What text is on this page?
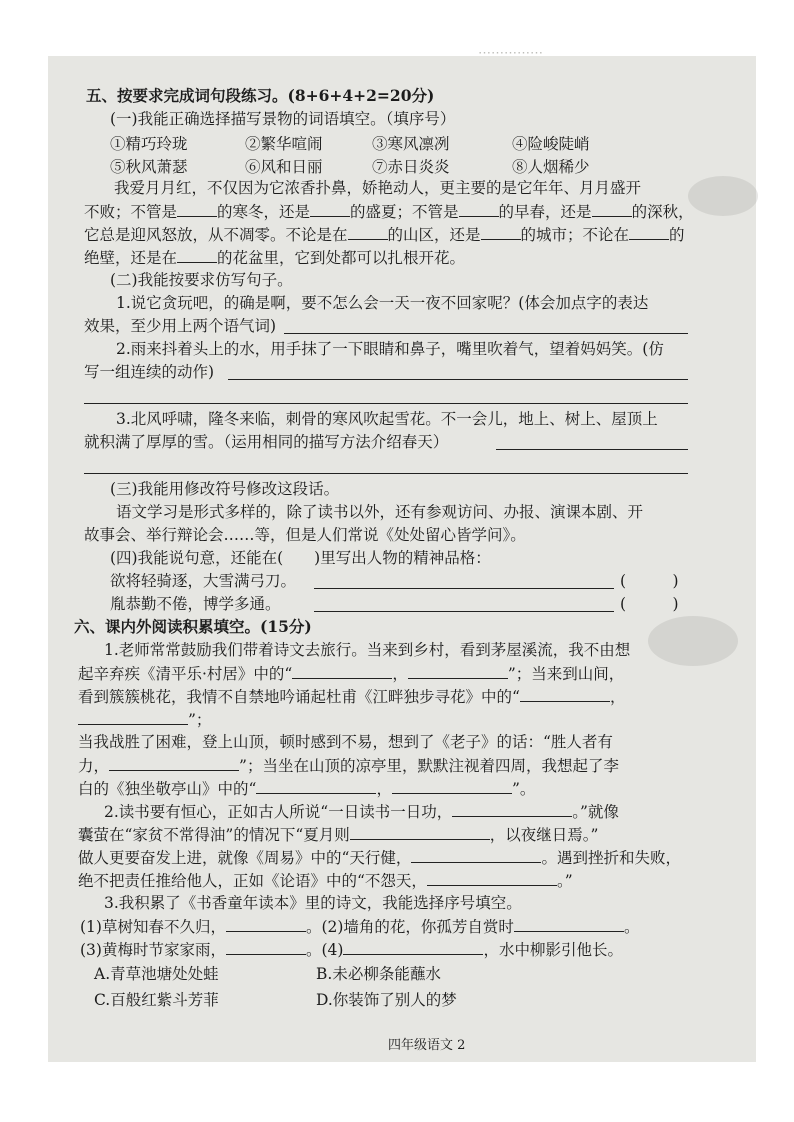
⋯⋯⋯⋯⋯
五、按要求完成词句段练习。(8+6+4+2=20分)
(一)我能正确选择描写景物的词语填空。（填序号）
①精巧玲珑	②繁华喧闹	③寒风凛冽	④险峻陡峭
⑤秋风萧瑟	⑥风和日丽	⑦赤日炎炎	⑧人烟稀少
我爱月月红，不仅因为它浓香扑鼻，娇艳动人，更主要的是它年年、月月盛开
不败；不管是	的寒冬，还是	的盛夏；不管是	的早春，还是	的深秋，
它总是迎风怒放，从不凋零。不论是在	的山区，还是	的城市；不论在	的
绝壁，还是在	的花盆里，它到处都可以扎根开花。
(二)我能按要求仿写句子。
1.说它贪玩吧，的确是啊，要不怎么会一天一夜不回家呢？(体会加点字的表达
效果，至少用上两个语气词)
2.雨来抖着头上的水，用手抹了一下眼睛和鼻子，嘴里吹着气，望着妈妈笑。(仿
写一组连续的动作)
3.北风呼啸，隆冬来临，刺骨的寒风吹起雪花。不一会儿，地上、树上、屋顶上
就积满了厚厚的雪。（运用相同的描写方法介绍春天）
(三)我能用修改符号修改这段话。
语文学习是形式多样的，除了读书以外，还有参观访问、办报、演课本剧、开
故事会、举行辩论会……等，但是人们常说《处处留心皆学问》。
(四)我能说句意，还能在(　　)里写出人物的精神品格：
欲将轻骑逐，大雪满弓刀。	(　　　)
胤恭勤不倦，博学多通。	(　　　)
六、课内外阅读积累填空。(15分)
1.老师常常鼓励我们带着诗文去旅行。当来到乡村，看到茅屋溪流，我不由想
起辛弃疾《清平乐·村居》中的“	，	”；当来到山间，
看到簇簇桃花，我情不自禁地吟诵起杜甫《江畔独步寻花》中的“	，
”；
当我战胜了困难，登上山顶，顿时感到不易，想到了《老子》的话：“胜人者有
力，	”；当坐在山顶的凉亭里，默默注视着四周，我想起了李
白的《独坐敬亭山》中的“	，	”。
2.读书要有恒心，正如古人所说“一日读书一日功，	。”就像
囊萤在“家贫不常得油”的情况下“夏月则	，以夜继日焉。”
做人更要奋发上进，就像《周易》中的“天行健，	。遇到挫折和失败，
绝不把责任推给他人，正如《论语》中的“不怨天，	。”
3.我积累了《书香童年读本》里的诗文，我能选择序号填空。
(1)草树知春不久归，	。(2)墙角的花，你孤芳自赏时	。
(3)黄梅时节家家雨，	。(4)	，水中柳影引他长。
A.青草池塘处处蛙	B.未必柳条能蘸水
C.百般红紫斗芳菲	D.你装饰了别人的梦
四年级语文 2
